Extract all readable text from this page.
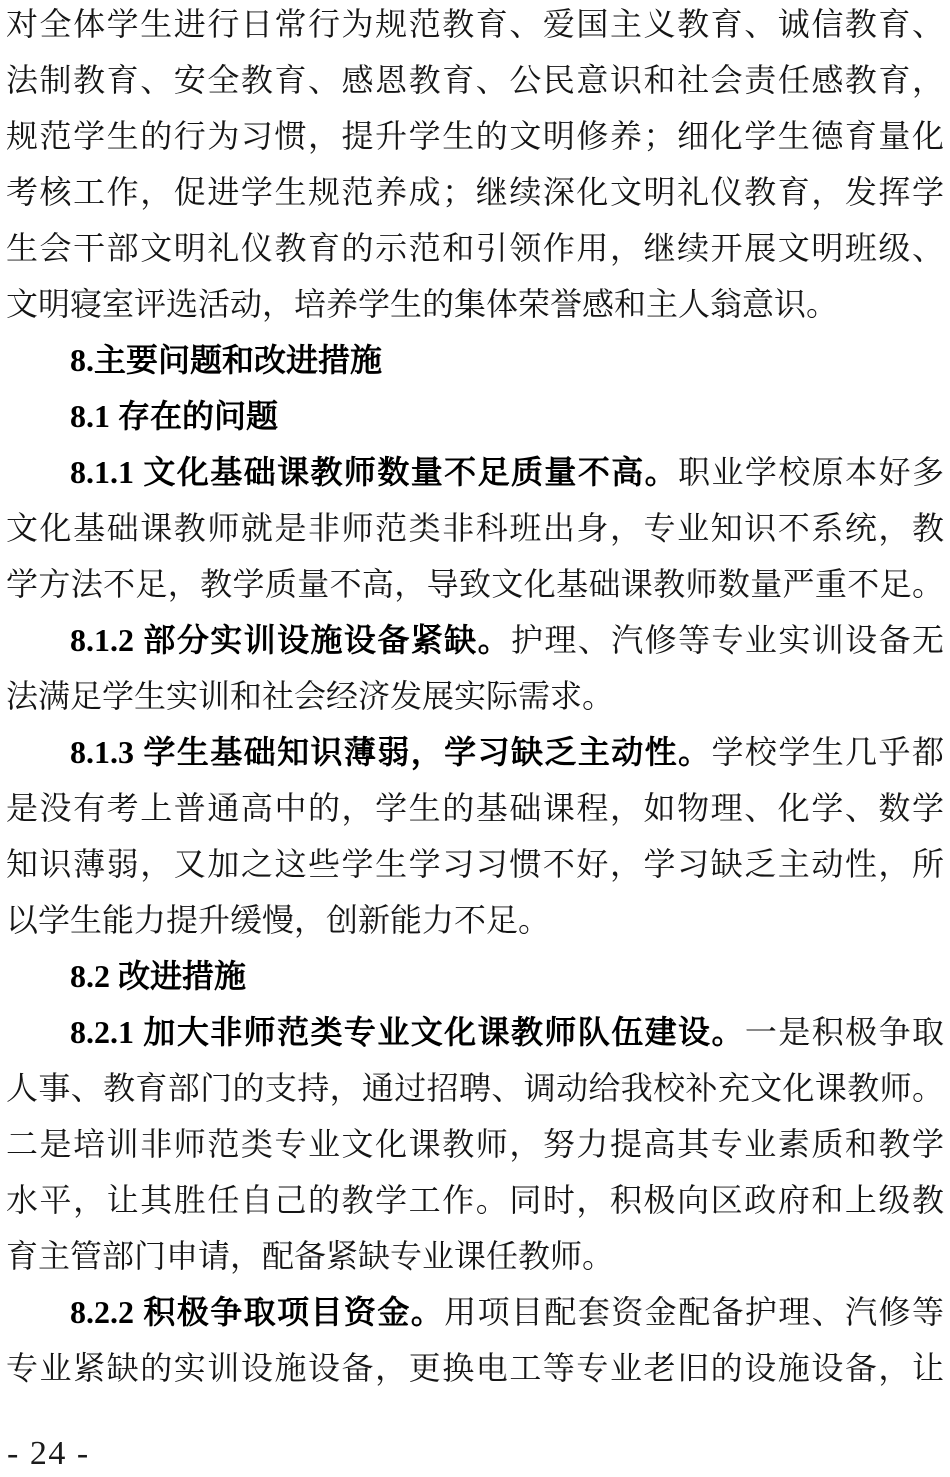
对全体学生进行日常行为规范教育、爱国主义教育、诚信教育、
法制教育、安全教育、感恩教育、公民意识和社会责任感教育，
规范学生的行为习惯，提升学生的文明修养；细化学生德育量化
考核工作，促进学生规范养成；继续深化文明礼仪教育，发挥学
生会干部文明礼仪教育的示范和引领作用，继续开展文明班级、
文明寝室评选活动，培养学生的集体荣誉感和主人翁意识。
8.主要问题和改进措施
8.1 存在的问题
8.1.1 文化基础课教师数量不足质量不高。职业学校原本好多
文化基础课教师就是非师范类非科班出身，专业知识不系统，教
学方法不足，教学质量不高，导致文化基础课教师数量严重不足。
8.1.2 部分实训设施设备紧缺。护理、汽修等专业实训设备无
法满足学生实训和社会经济发展实际需求。
8.1.3 学生基础知识薄弱，学习缺乏主动性。学校学生几乎都
是没有考上普通高中的，学生的基础课程，如物理、化学、数学
知识薄弱，又加之这些学生学习习惯不好，学习缺乏主动性，所
以学生能力提升缓慢，创新能力不足。
8.2 改进措施
8.2.1 加大非师范类专业文化课教师队伍建设。一是积极争取
人事、教育部门的支持，通过招聘、调动给我校补充文化课教师。
二是培训非师范类专业文化课教师，努力提高其专业素质和教学
水平，让其胜任自己的教学工作。同时，积极向区政府和上级教
育主管部门申请，配备紧缺专业课任教师。
8.2.2 积极争取项目资金。用项目配套资金配备护理、汽修等
专业紧缺的实训设施设备，更换电工等专业老旧的设施设备，让
- 24 -
